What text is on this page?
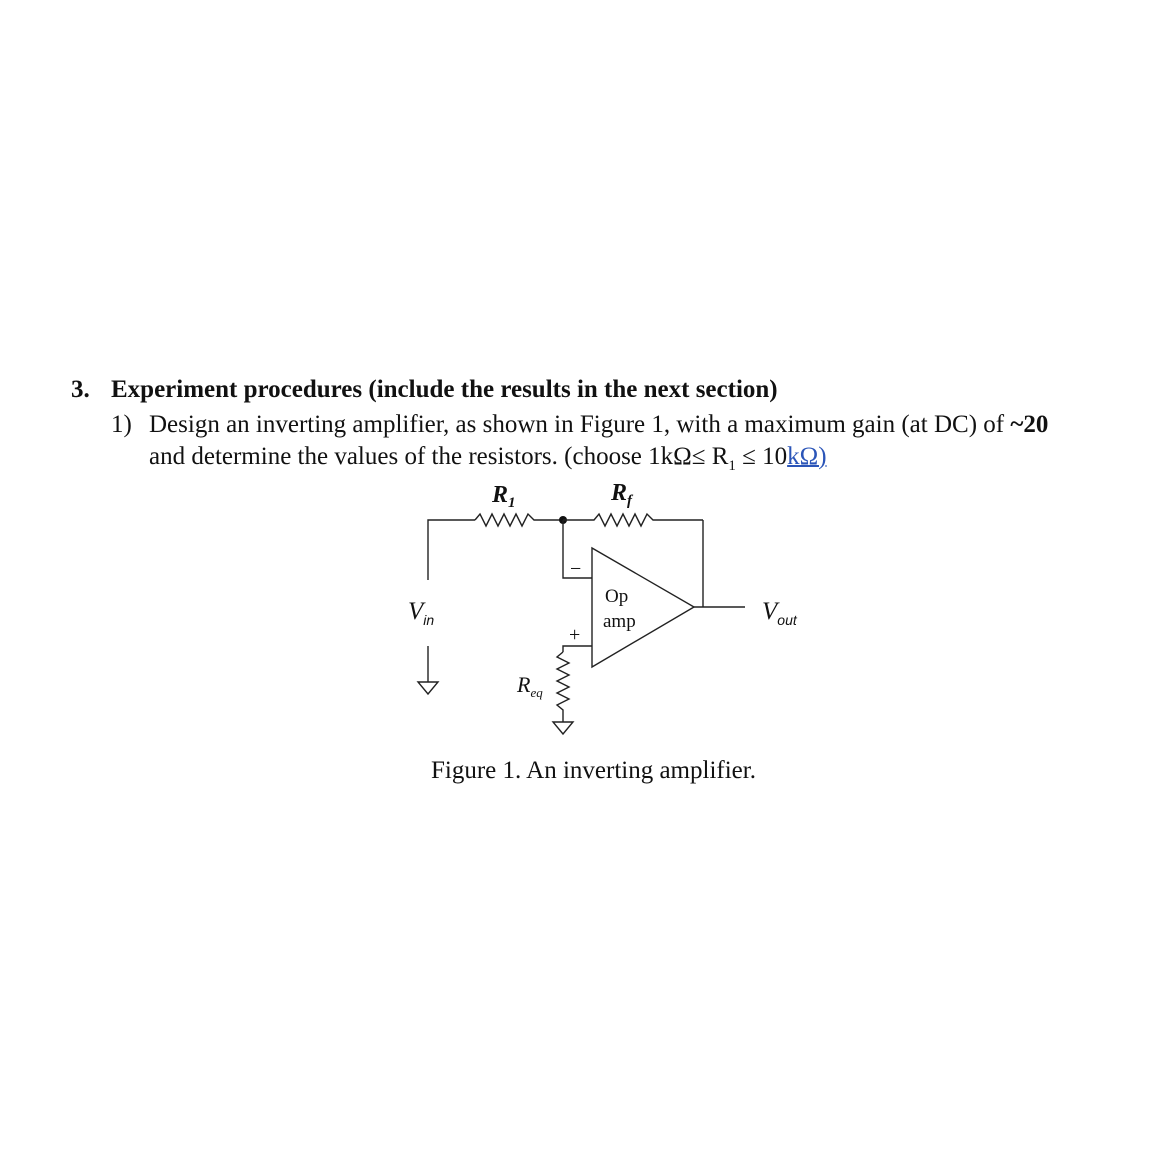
3. Experiment procedures (include the results in the next section)
1) Design an inverting amplifier, as shown in Figure 1, with a maximum gain (at DC) of ~20
and determine the values of the resistors. (choose $1k\Omega\le R_1 \le 10k\Omega$)
$R_1$	$R_f$
$V_{in}$	$V_{out}$
$R_{eq}$
Op
amp
−
+
Figure 1. An inverting amplifier.
